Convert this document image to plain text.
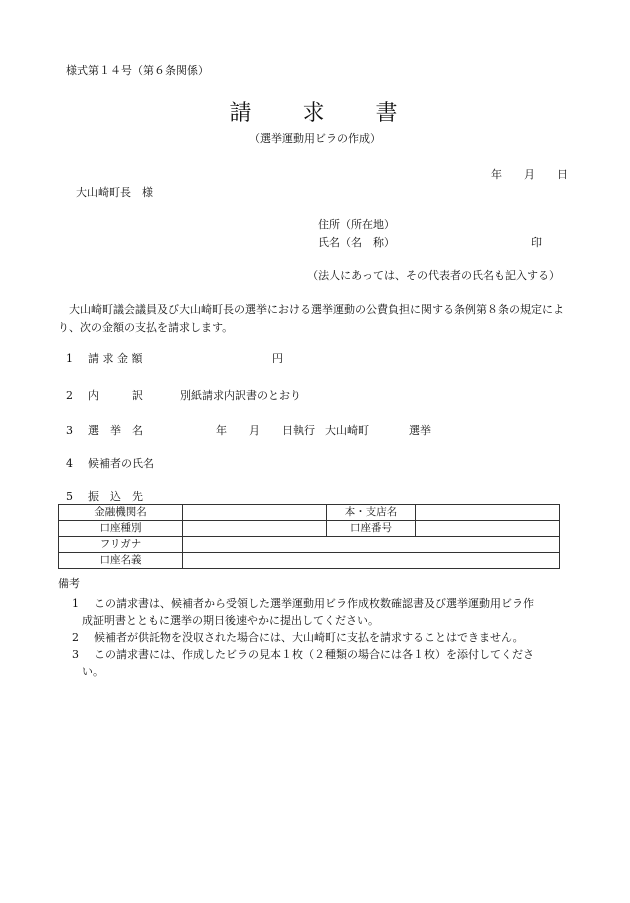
様式第１４号（第６条関係）
請 求 書
（選挙運動用ビラの作成）
年 月 日
大山崎町長　様
住所（所在地）
氏名（名　称）	印
（法人にあっては、その代表者の氏名も記入する）
大山崎町議会議員及び大山崎町長の選挙における選挙運動の公費負担に関する条例第８条の規定により、次の金額の支払を請求します。
1 請 求 金 額	円
2 内　　　訳	別紙請求内訳書のとおり
3 選　挙　名	年 月 日執行 大山崎町	選挙
4 候補者の氏名
5 振　込　先
金融機関名		本・支店名	
口座種別		口座番号	
フリガナ			
口座名義			
備考
1 この請求書は、候補者から受領した選挙運動用ビラ作成枚数確認書及び選挙運動用ビラ作
成証明書とともに選挙の期日後速やかに提出してください。
2 候補者が供託物を没収された場合には、大山崎町に支払を請求することはできません。
3 この請求書には、作成したビラの見本１枚（２種類の場合には各１枚）を添付してくださ
い。
